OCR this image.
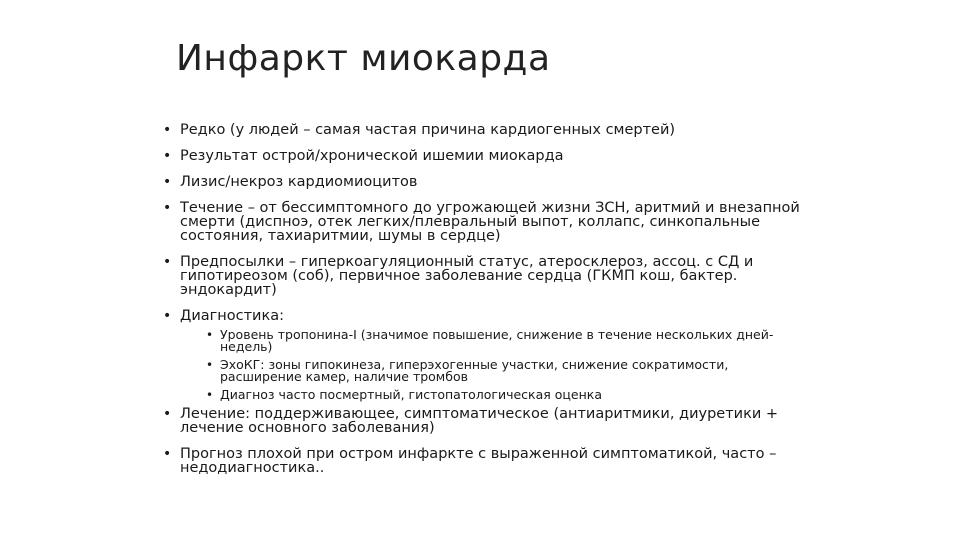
Инфаркт миокарда
• Редко (у людей – самая частая причина кардиогенных смертей)
• Результат острой/хронической ишемии миокарда
• Лизис/некроз кардиомиоцитов
• Течение – от бессимптомного до угрожающей жизни ЗСН, аритмий и внезапной смерти (диспноэ, отек легких/плевральный выпот, коллапс, синкопальные состояния, тахиаритмии, шумы в сердце)
• Предпосылки – гиперкоагуляционный статус, атеросклероз, ассоц. с СД и гипотиреозом (соб), первичное заболевание сердца (ГКМП кош, бактер. эндокардит)
• Диагностика:
• Уровень тропонина-I (значимое повышение, снижение в течение нескольких дней-недель)
• ЭхоКГ: зоны гипокинеза, гиперэхогенные участки, снижение сократимости, расширение камер, наличие тромбов
• Диагноз часто посмертный, гистопатологическая оценка
• Лечение: поддерживающее, симптоматическое (антиаритмики, диуретики + лечение основного заболевания)
• Прогноз плохой при остром инфаркте с выраженной симптоматикой, часто – недодиагностика..
